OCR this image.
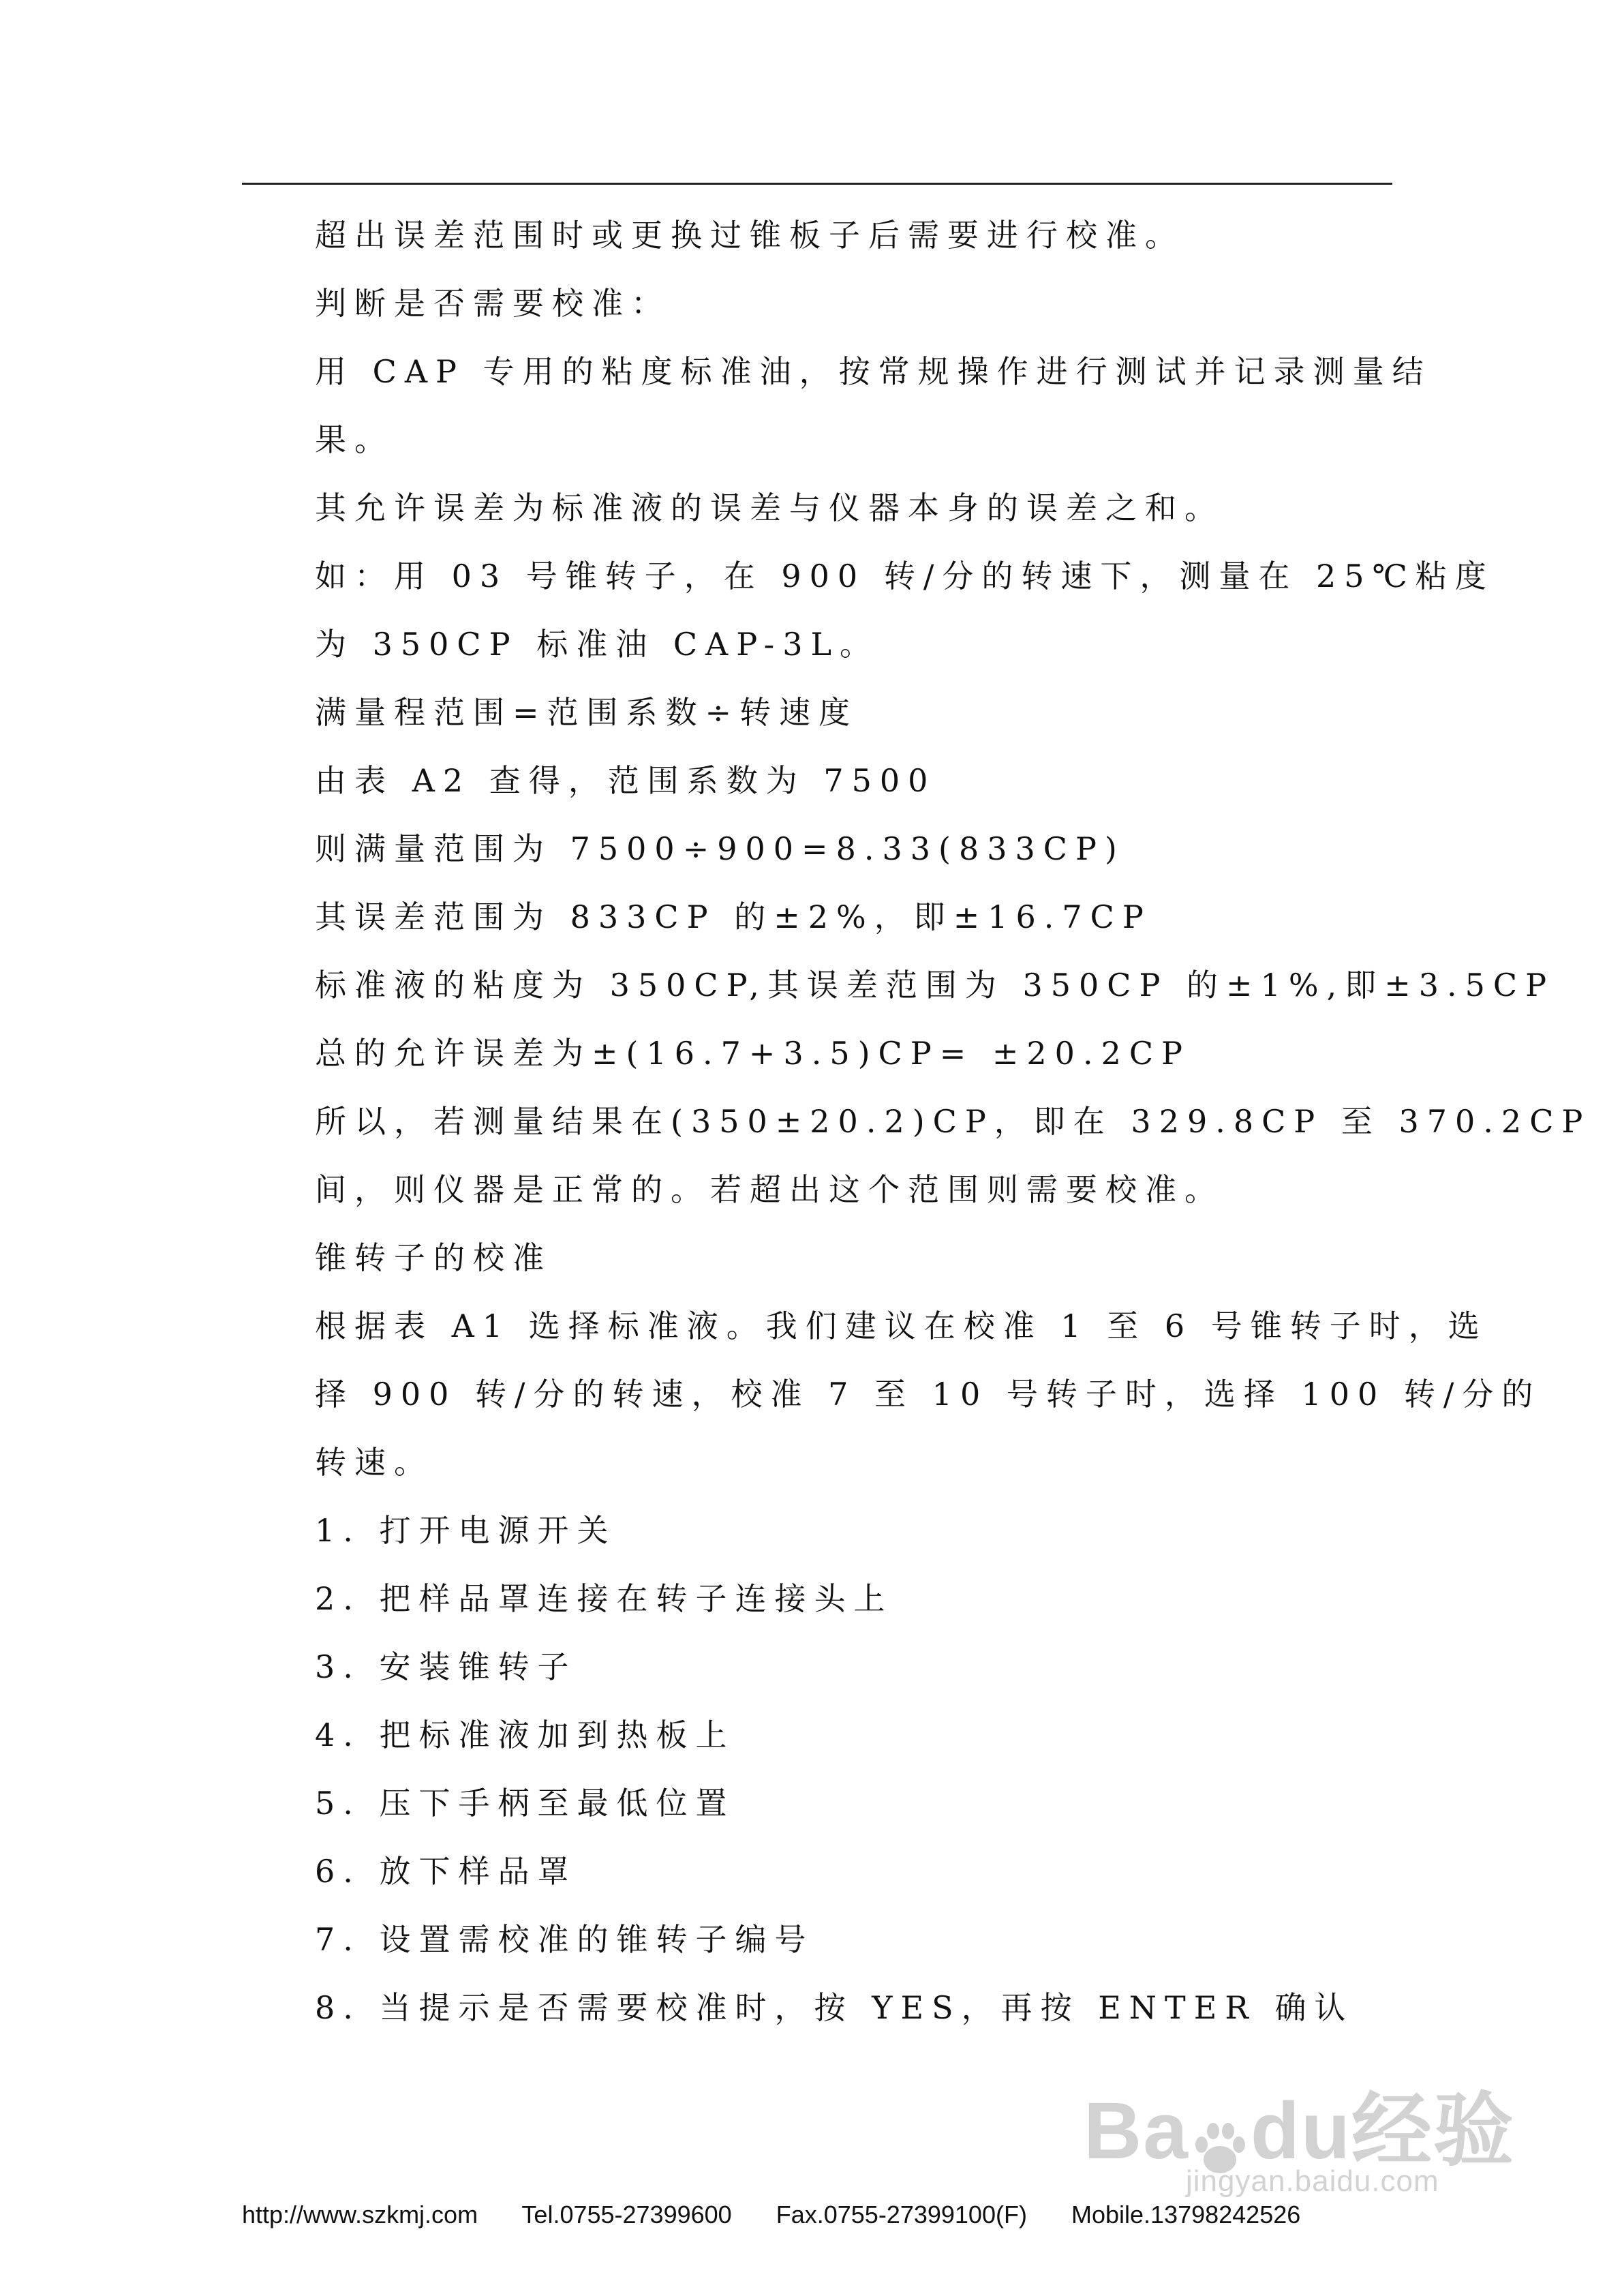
超出误差范围时或更换过锥板子后需要进行校准。
判断是否需要校准：
用 CAP 专用的粘度标准油，按常规操作进行测试并记录测量结
果。
其允许误差为标准液的误差与仪器本身的误差之和。
如：用 03 号锥转子，在 900 转/分的转速下，测量在 25℃粘度
为 350CP 标准油 CAP-3L。
满量程范围=范围系数÷转速度
由表 A2 查得，范围系数为 7500
则满量范围为 7500÷900=8.33(833CP)
其误差范围为 833CP 的±2%，即±16.7CP
标准液的粘度为 350CP,其误差范围为 350CP 的±1%,即±3.5CP
总的允许误差为±(16.7+3.5)CP= ±20.2CP
所以，若测量结果在(350±20.2)CP，即在 329.8CP 至 370.2CP
间，则仪器是正常的。若超出这个范围则需要校准。
锥转子的校准
根据表 A1 选择标准液。我们建议在校准 1 至 6 号锥转子时，选
择 900 转/分的转速，校准 7 至 10 号转子时，选择 100 转/分的
转速。
1. 打开电源开关
2. 把样品罩连接在转子连接头上
3. 安装锥转子
4. 把标准液加到热板上
5. 压下手柄至最低位置
6. 放下样品罩
7. 设置需校准的锥转子编号
8. 当提示是否需要校准时，按 YES，再按 ENTER 确认
Ba du经验
jingyan.baidu.com
http://www.szkmj.com Tel.0755-27399600 Fax.0755-27399100(F) Mobile.13798242526
